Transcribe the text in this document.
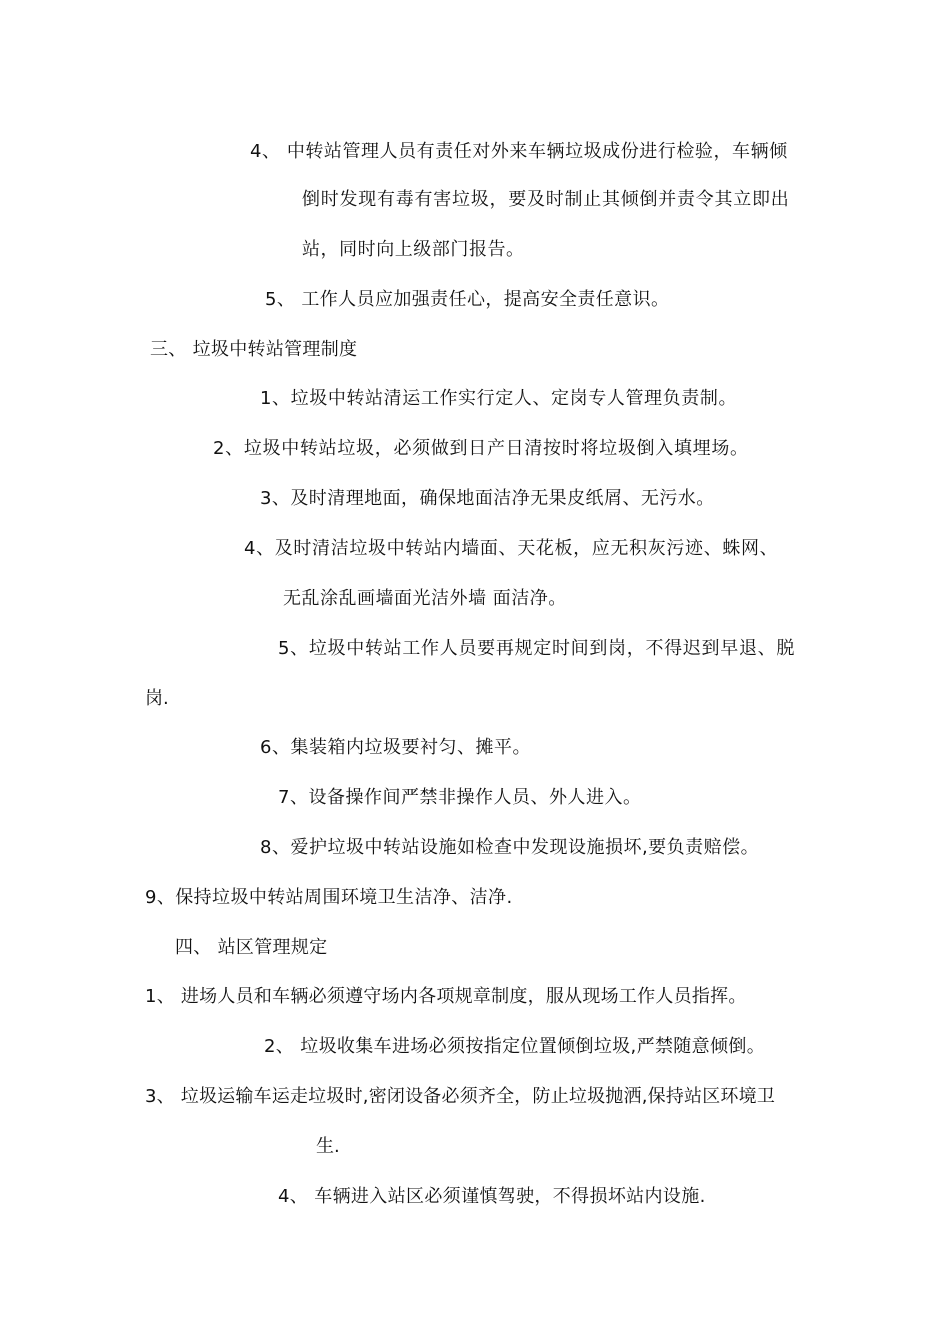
4、 中转站管理人员有责任对外来车辆垃圾成份进行检验，车辆倾
倒时发现有毒有害垃圾，要及时制止其倾倒并责令其立即出
站，同时向上级部门报告。
5、 工作人员应加强责任心，提高安全责任意识。
三、 垃圾中转站管理制度
1、垃圾中转站清运工作实行定人、定岗专人管理负责制。
2、垃圾中转站垃圾，必须做到日产日清按时将垃圾倒入填埋场。
3、及时清理地面，确保地面洁净无果皮纸屑、无污水。
4、及时清洁垃圾中转站内墙面、天花板，应无积灰污迹、蛛网、
无乱涂乱画墙面光洁外墙 面洁净。
5、垃圾中转站工作人员要再规定时间到岗，不得迟到早退、脱
岗.
6、集装箱内垃圾要衬匀、摊平。
7、设备操作间严禁非操作人员、外人进入。
8、爱护垃圾中转站设施如检查中发现设施损坏,要负责赔偿。
9、保持垃圾中转站周围环境卫生洁净、洁净.
四、 站区管理规定
1、 进场人员和车辆必须遵守场内各项规章制度，服从现场工作人员指挥。
2、 垃圾收集车进场必须按指定位置倾倒垃圾,严禁随意倾倒。
3、 垃圾运输车运走垃圾时,密闭设备必须齐全，防止垃圾抛洒,保持站区环境卫
生.
4、 车辆进入站区必须谨慎驾驶，不得损坏站内设施.
